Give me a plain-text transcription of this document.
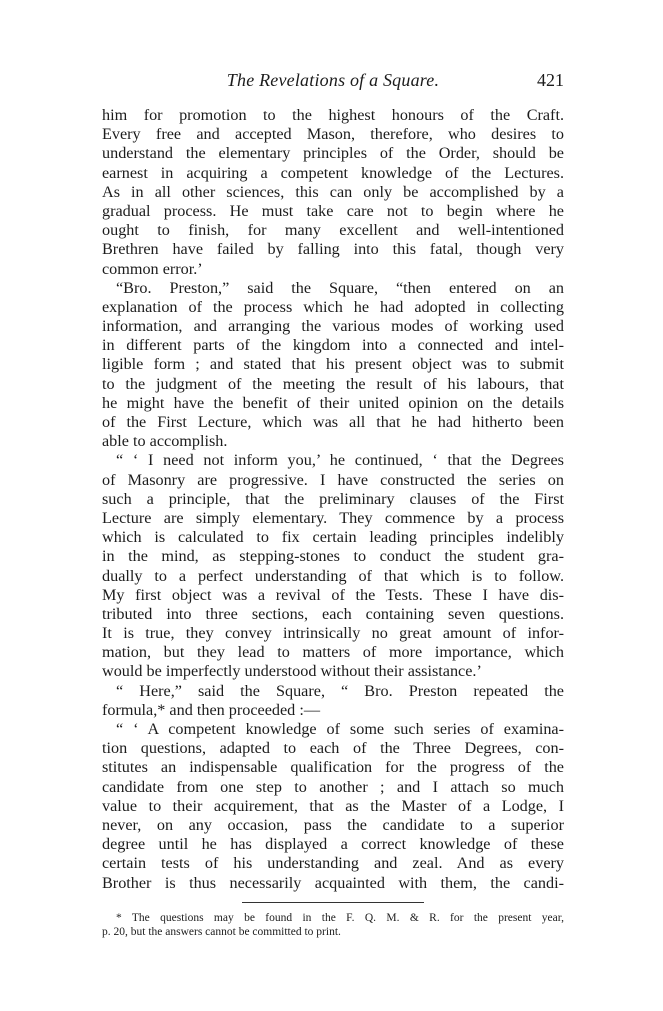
The Revelations of a Square.	421
him for promotion to the highest honours of the Craft.
Every free and accepted Mason, therefore, who desires to
understand the elementary principles of the Order, should be
earnest in acquiring a competent knowledge of the Lectures.
As in all other sciences, this can only be accomplished by a
gradual process. He must take care not to begin where he
ought to finish, for many excellent and well-intentioned
Brethren have failed by falling into this fatal, though very
common error.’
“Bro. Preston,” said the Square, “then entered on an
explanation of the process which he had adopted in collecting
information, and arranging the various modes of working used
in different parts of the kingdom into a connected and intel-
ligible form ; and stated that his present object was to submit
to the judgment of the meeting the result of his labours, that
he might have the benefit of their united opinion on the details
of the First Lecture, which was all that he had hitherto been
able to accomplish.
“ ‘ I need not inform you,’ he continued, ‘ that the Degrees
of Masonry are progressive. I have constructed the series on
such a principle, that the preliminary clauses of the First
Lecture are simply elementary. They commence by a process
which is calculated to fix certain leading principles indelibly
in the mind, as stepping-stones to conduct the student gra-
dually to a perfect understanding of that which is to follow.
My first object was a revival of the Tests. These I have dis-
tributed into three sections, each containing seven questions.
It is true, they convey intrinsically no great amount of infor-
mation, but they lead to matters of more importance, which
would be imperfectly understood without their assistance.’
“ Here,” said the Square, “ Bro. Preston repeated the
formula,* and then proceeded :—
“ ‘ A competent knowledge of some such series of examina-
tion questions, adapted to each of the Three Degrees, con-
stitutes an indispensable qualification for the progress of the
candidate from one step to another ; and I attach so much
value to their acquirement, that as the Master of a Lodge, I
never, on any occasion, pass the candidate to a superior
degree until he has displayed a correct knowledge of these
certain tests of his understanding and zeal. And as every
Brother is thus necessarily acquainted with them, the candi-
* The questions may be found in the F. Q. M. & R. for the present year,
p. 20, but the answers cannot be committed to print.
